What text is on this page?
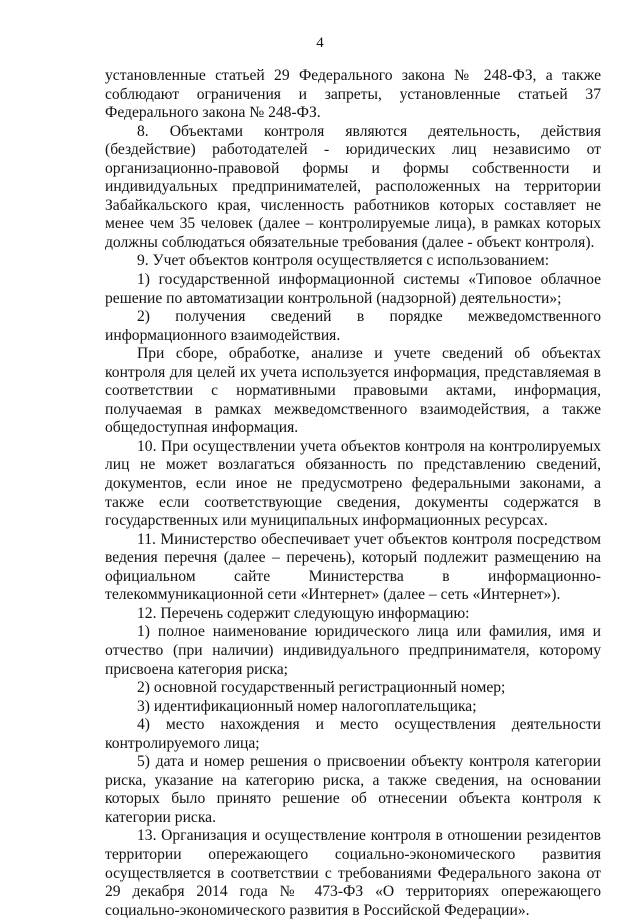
4

установленные статьей 29 Федерального закона № 248-ФЗ, а также соблюдают ограничения и запреты, установленные статьей 37 Федерального закона № 248-ФЗ.

8. Объектами контроля являются деятельность, действия (бездействие) работодателей - юридических лиц независимо от организационно-правовой формы и формы собственности и индивидуальных предпринимателей, расположенных на территории Забайкальского края, численность работников которых составляет не менее чем 35 человек (далее – контролируемые лица), в рамках которых должны соблюдаться обязательные требования (далее - объект контроля).

9. Учет объектов контроля осуществляется с использованием:

1) государственной информационной системы «Типовое облачное решение по автоматизации контрольной (надзорной) деятельности»;

2) получения сведений в порядке межведомственного информационного взаимодействия.

При сборе, обработке, анализе и учете сведений об объектах контроля для целей их учета используется информация, представляемая в соответствии с нормативными правовыми актами, информация, получаемая в рамках межведомственного взаимодействия, а также общедоступная информация.

10. При осуществлении учета объектов контроля на контролируемых лиц не может возлагаться обязанность по представлению сведений, документов, если иное не предусмотрено федеральными законами, а также если соответствующие сведения, документы содержатся в государственных или муниципальных информационных ресурсах.

11. Министерство обеспечивает учет объектов контроля посредством ведения перечня (далее – перечень), который подлежит размещению на официальном сайте Министерства в информационно-телекоммуникационной сети «Интернет» (далее – сеть «Интернет»).

12. Перечень содержит следующую информацию:

1) полное наименование юридического лица или фамилия, имя и отчество (при наличии) индивидуального предпринимателя, которому присвоена категория риска;

2) основной государственный регистрационный номер;

3) идентификационный номер налогоплательщика;

4) место нахождения и место осуществления деятельности контролируемого лица;

5) дата и номер решения о присвоении объекту контроля категории риска, указание на категорию риска, а также сведения, на основании которых было принято решение об отнесении объекта контроля к категории риска.

13. Организация и осуществление контроля в отношении резидентов территории опережающего социально-экономического развития осуществляется в соответствии с требованиями Федерального закона от 29 декабря 2014 года № 473-ФЗ «О территориях опережающего социально-экономического развития в Российской Федерации».
